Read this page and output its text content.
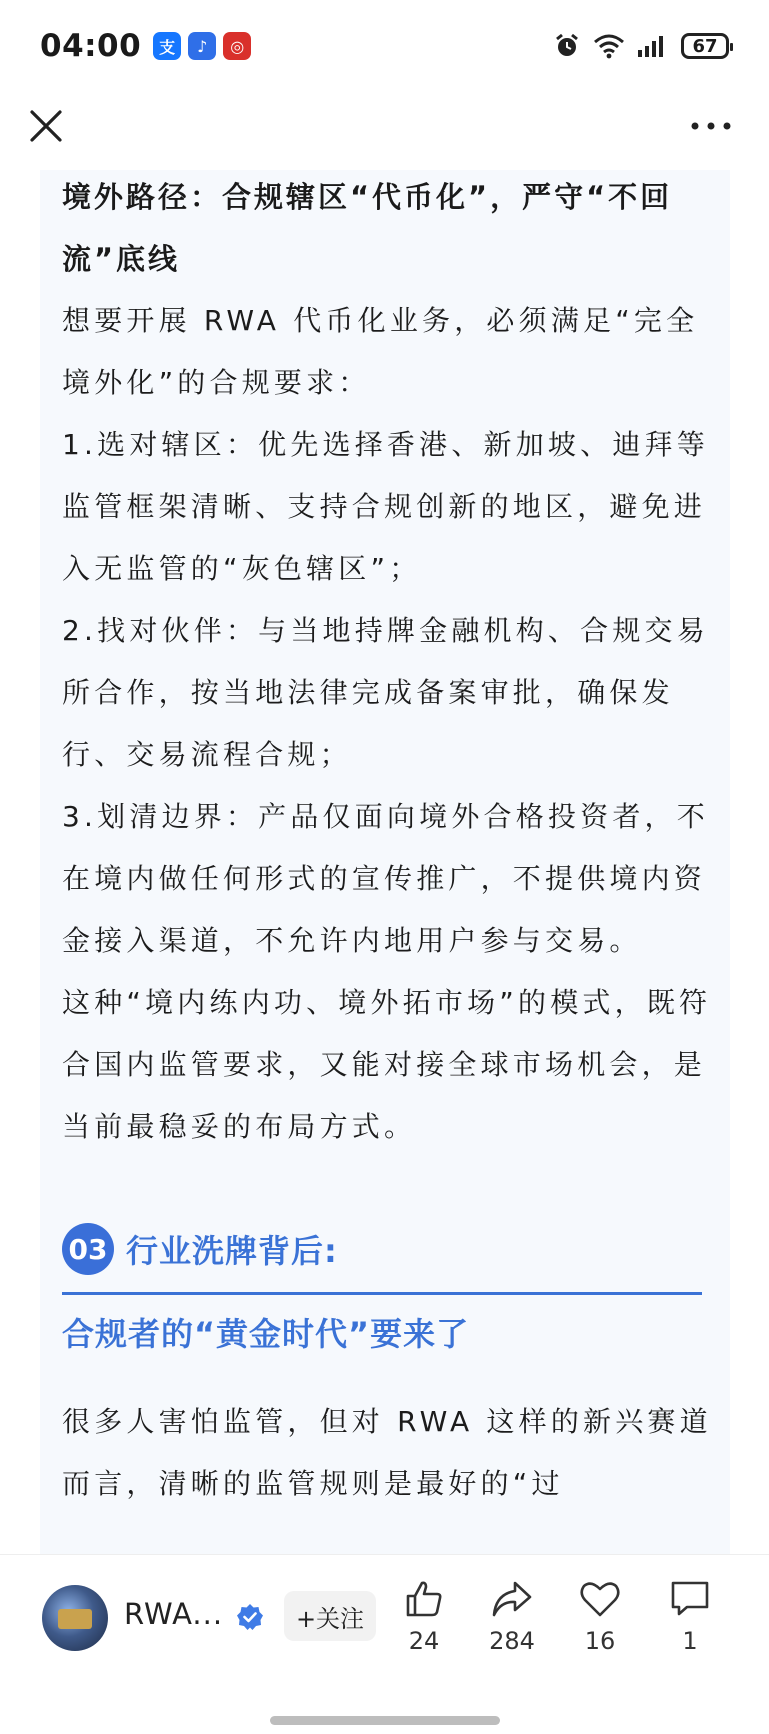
04:00	支	♪	◎	67
境外路径：合规辖区“代币化”，严守“不回流”底线
想要开展 RWA 代币化业务，必须满足“完全境外化”的合规要求：
1.选对辖区：优先选择香港、新加坡、迪拜等监管框架清晰、支持合规创新的地区，避免进入无监管的“灰色辖区”；
2.找对伙伴：与当地持牌金融机构、合规交易所合作，按当地法律完成备案审批，确保发行、交易流程合规；
3.划清边界：产品仅面向境外合格投资者，不在境内做任何形式的宣传推广，不提供境内资金接入渠道，不允许内地用户参与交易。
这种“境内练内功、境外拓市场”的模式，既符合国内监管要求，又能对接全球市场机会，是当前最稳妥的布局方式。
03 行业洗牌背后:
合规者的“黄金时代”要来了
很多人害怕监管，但对 RWA 这样的新兴赛道而言，清晰的监管规则是最好的“过
RWA...	+关注
24	284	16	1
